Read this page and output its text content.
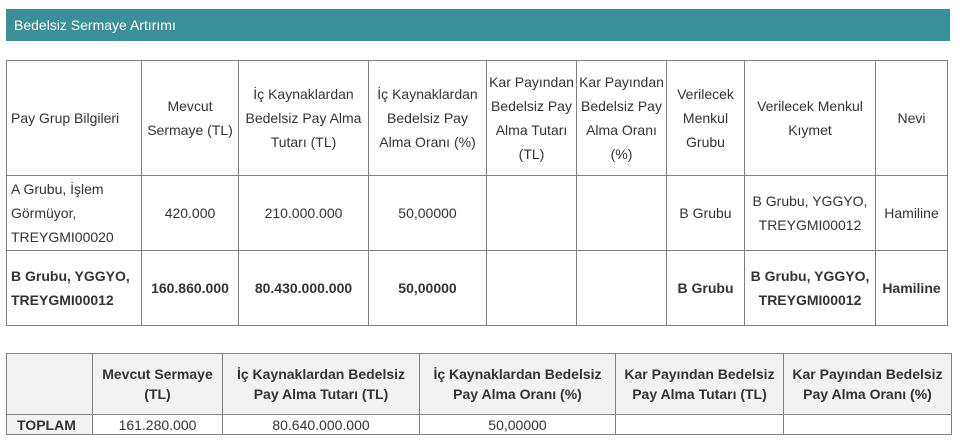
Bedelsiz Sermaye Artırımı
Pay Grup Bilgileri	Mevcut Sermaye (TL)	İç Kaynaklardan Bedelsiz Pay Alma Tutarı (TL)	İç Kaynaklardan Bedelsiz Pay Alma Oranı (%)	Kar Payından Bedelsiz Pay Alma Tutarı (TL)	Kar Payından Bedelsiz Pay Alma Oranı (%)	Verilecek Menkul Grubu	Verilecek Menkul Kıymet	Nevi
A Grubu, İşlem Görmüyor, TREYGMI00020	420.000	210.000.000	50,00000			B Grubu	B Grubu, YGGYO, TREYGMI00012	Hamiline
B Grubu, YGGYO, TREYGMI00012	160.860.000	80.430.000.000	50,00000			B Grubu	B Grubu, YGGYO, TREYGMI00012	Hamiline
	Mevcut Sermaye (TL)	İç Kaynaklardan Bedelsiz Pay Alma Tutarı (TL)	İç Kaynaklardan Bedelsiz Pay Alma Oranı (%)	Kar Payından Bedelsiz Pay Alma Tutarı (TL)	Kar Payından Bedelsiz Pay Alma Oranı (%)
TOPLAM	161.280.000	80.640.000.000	50,00000		
